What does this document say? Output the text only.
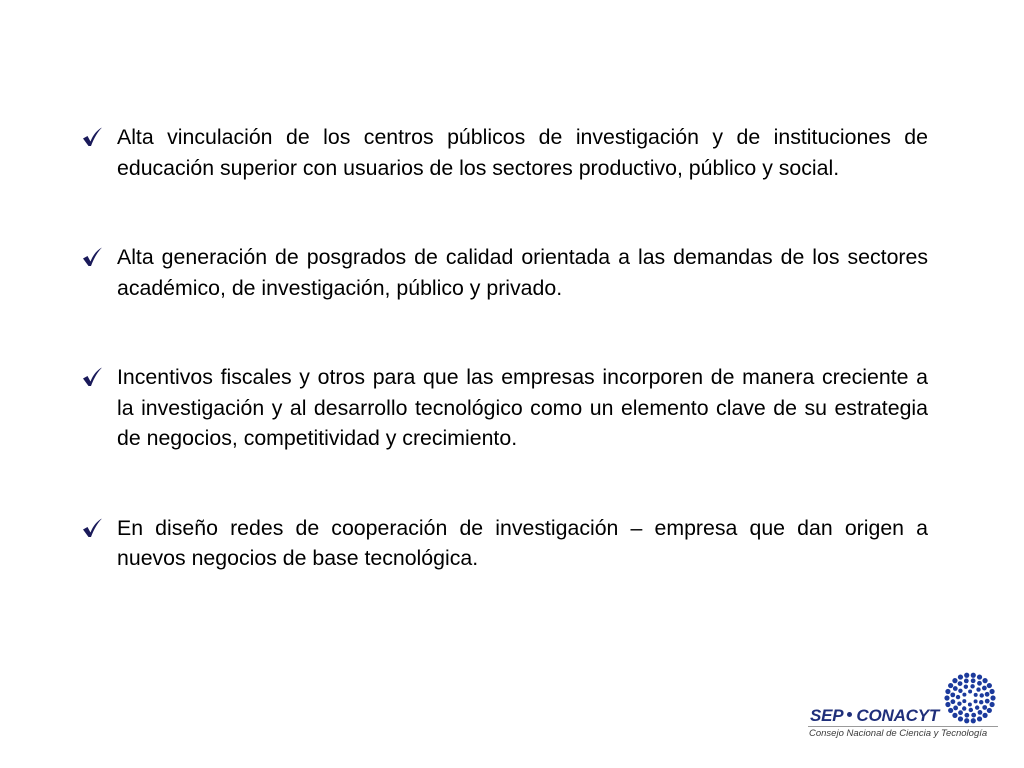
Alta vinculación de los centros públicos de investigación y de instituciones de educación superior con usuarios de los sectores productivo, público y social.
Alta generación de posgrados de calidad orientada a las demandas de los sectores académico, de investigación, público y privado.
Incentivos fiscales y otros para que las empresas incorporen de manera creciente a la investigación y al desarrollo tecnológico como un elemento clave de su estrategia de negocios, competitividad y crecimiento.
En diseño redes de cooperación de investigación – empresa que dan origen a nuevos negocios de base tecnológica.
SEP CONACYT
Consejo Nacional de Ciencia y Tecnología
